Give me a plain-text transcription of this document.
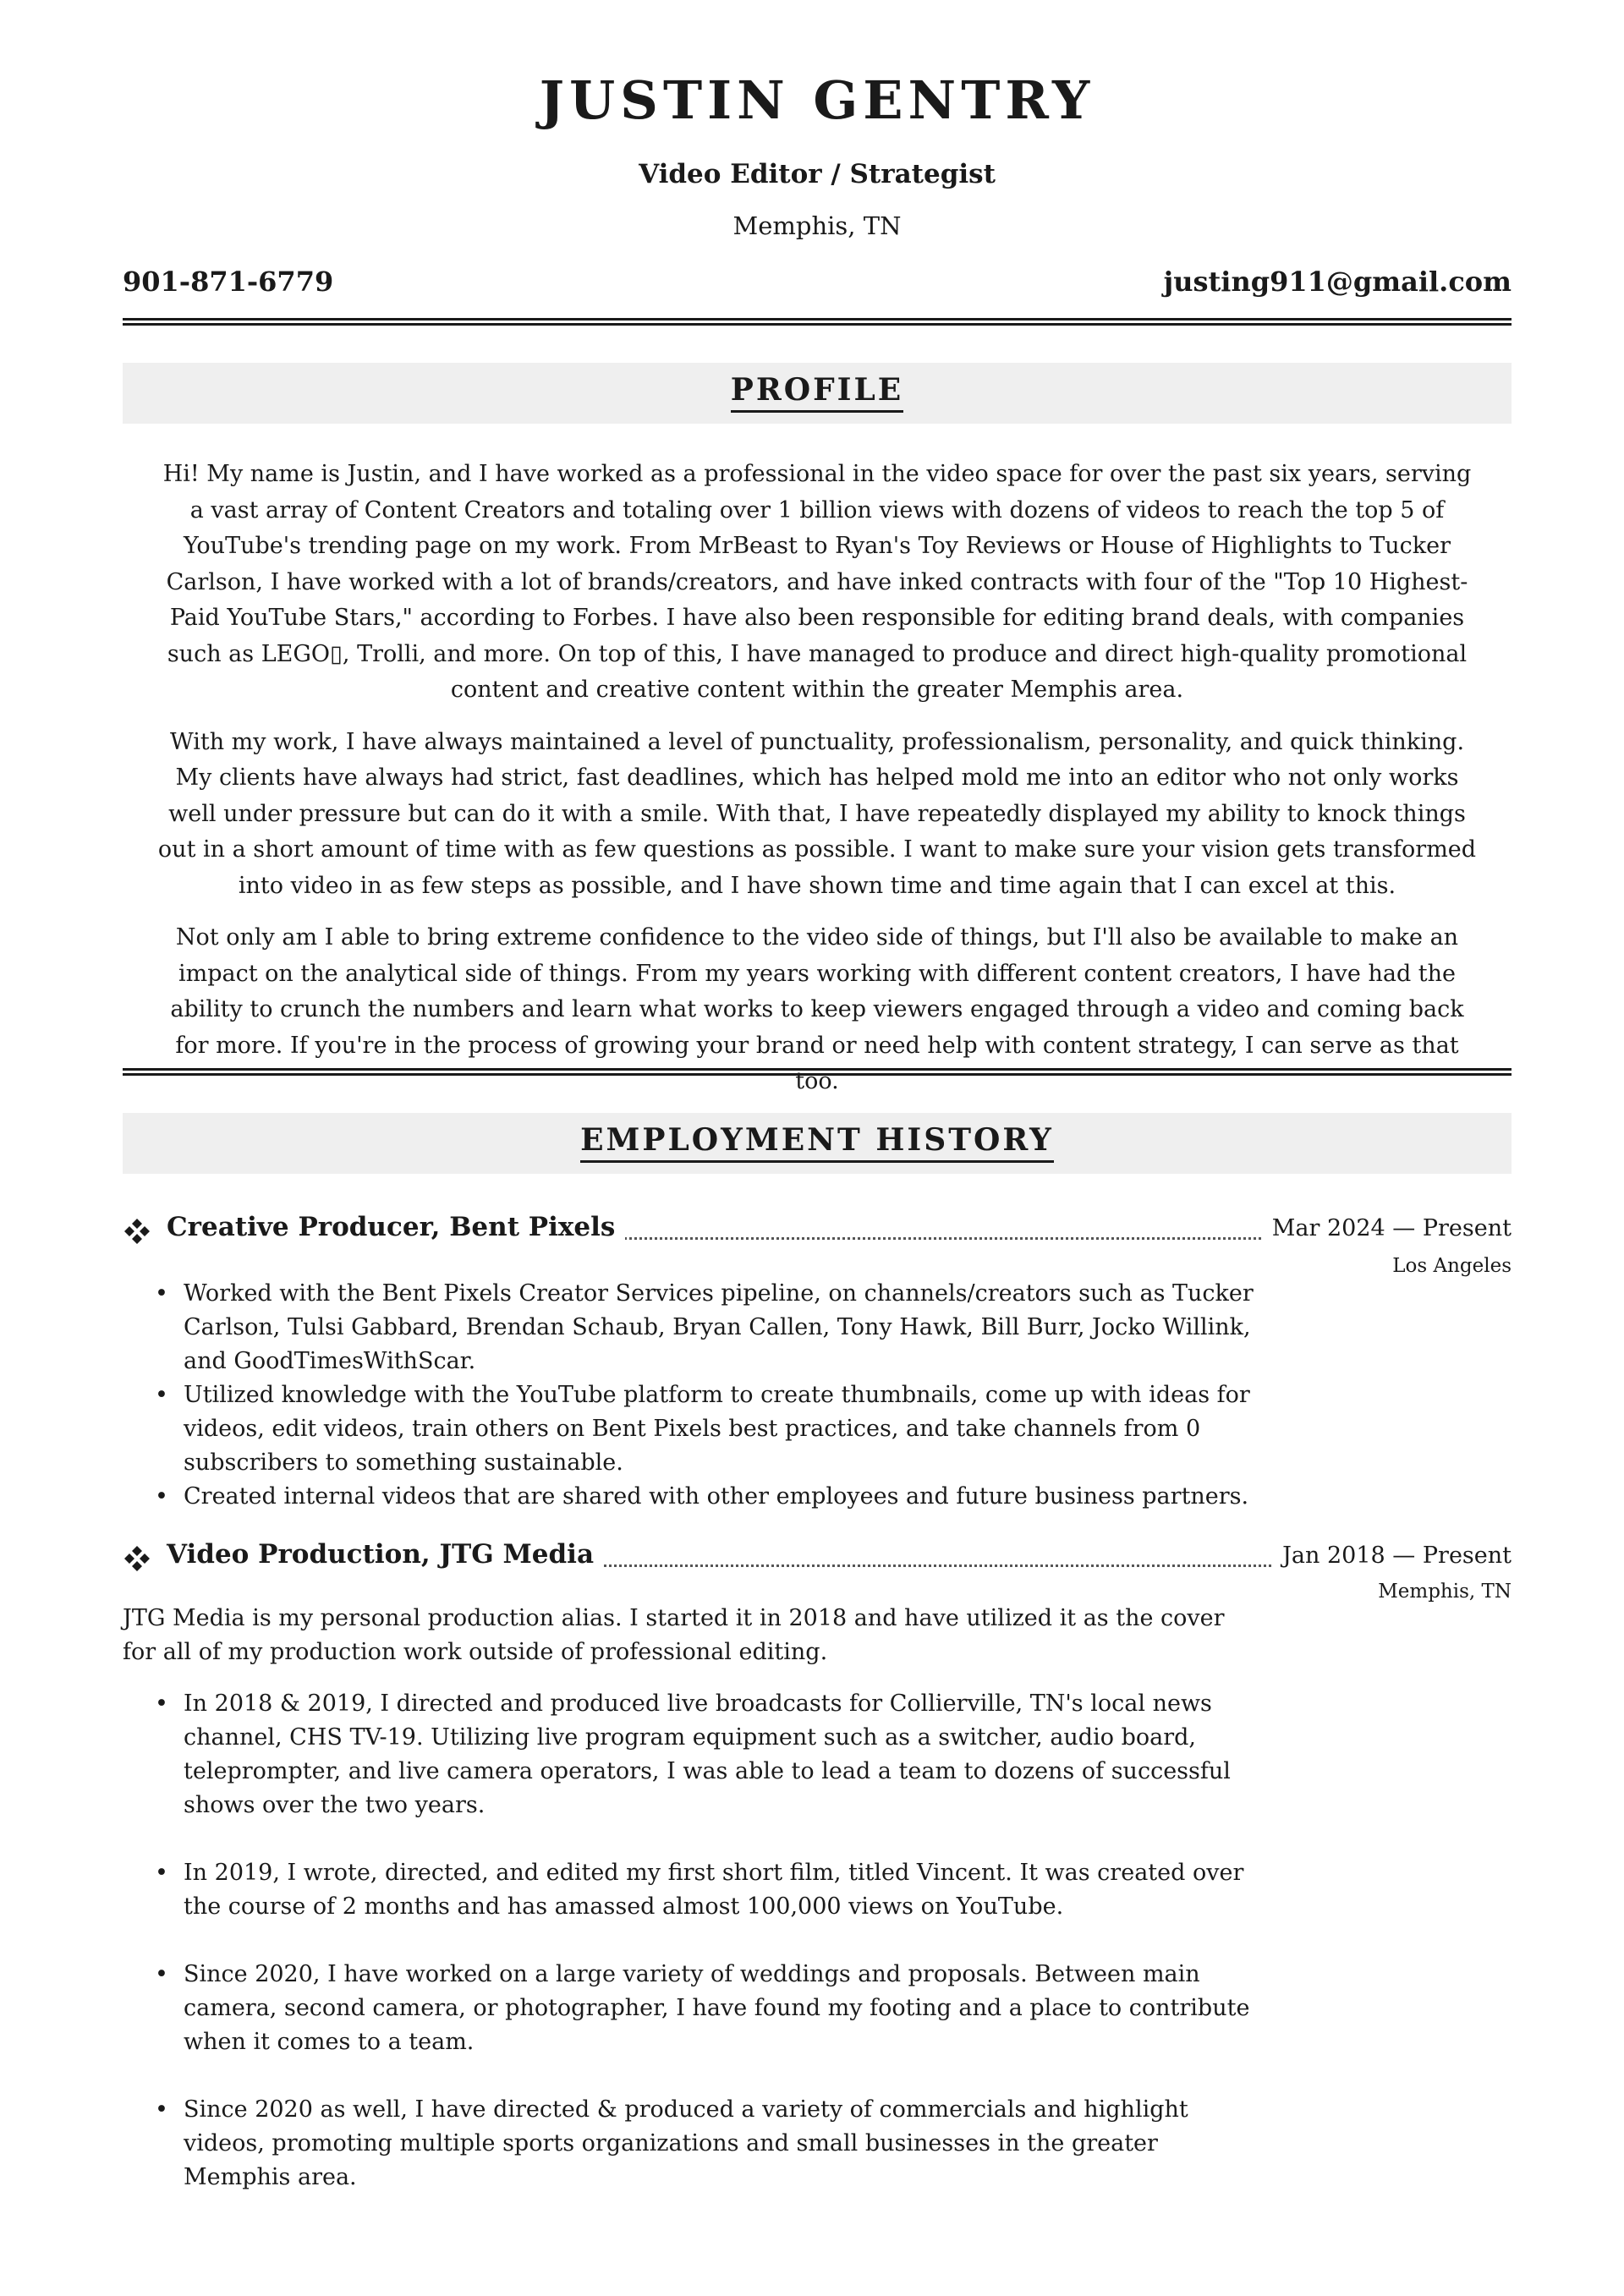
JUSTIN GENTRY
Video Editor / Strategist
Memphis, TN
901-871-6779	justing911@gmail.com
PROFILE

Hi! My name is Justin, and I have worked as a professional in the video space for over the past six years, serving a vast array of Content Creators and totaling over 1 billion views with dozens of videos to reach the top 5 of YouTube's trending page on my work. From MrBeast to Ryan's Toy Reviews or House of Highlights to Tucker Carlson, I have worked with a lot of brands/creators, and have inked contracts with four of the "Top 10 Highest-Paid YouTube Stars," according to Forbes. I have also been responsible for editing brand deals, with companies such as LEGO▯, Trolli, and more. On top of this, I have managed to produce and direct high-quality promotional content and creative content within the greater Memphis area.

With my work, I have always maintained a level of punctuality, professionalism, personality, and quick thinking. My clients have always had strict, fast deadlines, which has helped mold me into an editor who not only works well under pressure but can do it with a smile. With that, I have repeatedly displayed my ability to knock things out in a short amount of time with as few questions as possible. I want to make sure your vision gets transformed into video in as few steps as possible, and I have shown time and time again that I can excel at this.

Not only am I able to bring extreme confidence to the video side of things, but I'll also be available to make an impact on the analytical side of things. From my years working with different content creators, I have had the ability to crunch the numbers and learn what works to keep viewers engaged through a video and coming back for more. If you're in the process of growing your brand or need help with content strategy, I can serve as that too.

EMPLOYMENT HISTORY
Creative Producer, Bent Pixels	Mar 2024 — Present
Los Angeles
• Worked with the Bent Pixels Creator Services pipeline, on channels/creators such as Tucker Carlson, Tulsi Gabbard, Brendan Schaub, Bryan Callen, Tony Hawk, Bill Burr, Jocko Willink, and GoodTimesWithScar.
• Utilized knowledge with the YouTube platform to create thumbnails, come up with ideas for videos, edit videos, train others on Bent Pixels best practices, and take channels from 0 subscribers to something sustainable.
• Created internal videos that are shared with other employees and future business partners.
Video Production, JTG Media	Jan 2018 — Present
Memphis, TN
JTG Media is my personal production alias. I started it in 2018 and have utilized it as the cover for all of my production work outside of professional editing.
• In 2018 & 2019, I directed and produced live broadcasts for Collierville, TN's local news channel, CHS TV-19. Utilizing live program equipment such as a switcher, audio board, teleprompter, and live camera operators, I was able to lead a team to dozens of successful shows over the two years.
• In 2019, I wrote, directed, and edited my first short film, titled Vincent. It was created over the course of 2 months and has amassed almost 100,000 views on YouTube.
• Since 2020, I have worked on a large variety of weddings and proposals. Between main camera, second camera, or photographer, I have found my footing and a place to contribute when it comes to a team.
• Since 2020 as well, I have directed & produced a variety of commercials and highlight videos, promoting multiple sports organizations and small businesses in the greater Memphis area.
